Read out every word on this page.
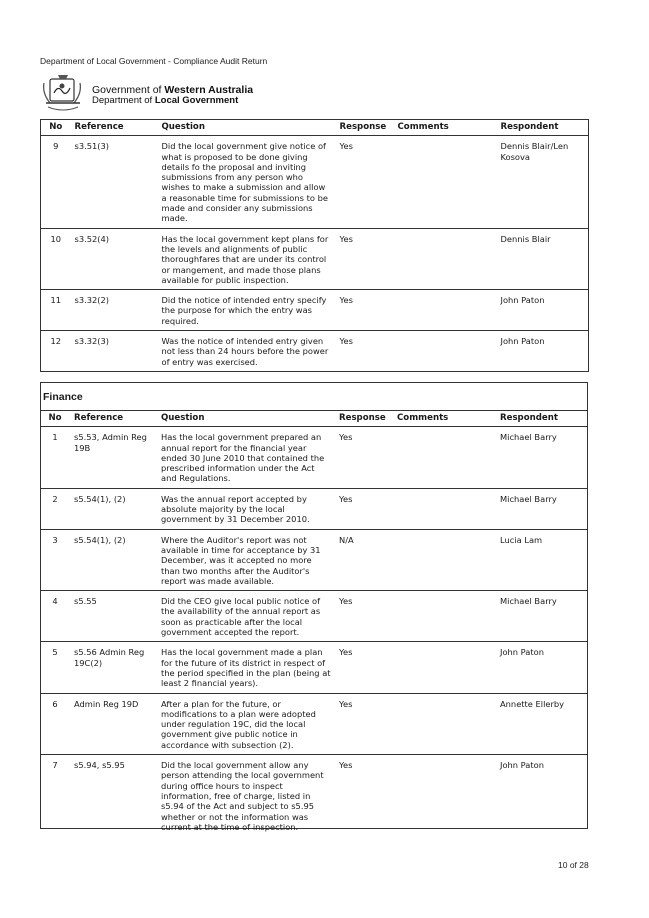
Department of Local Government - Compliance Audit Return
Government of Western Australia
Department of Local Government
No	Reference	Question	Response	Comments	Respondent
9	s3.51(3)	Did the local government give notice of what is proposed to be done giving details fo the proposal and inviting submissions from any person who wishes to make a submission and allow a reasonable time for submissions to be made and consider any submissions made.	Yes		Dennis Blair/Len Kosova
10	s3.52(4)	Has the local government kept plans for the levels and alignments of public thoroughfares that are under its control or mangement, and made those plans available for public inspection.	Yes		Dennis Blair
11	s3.32(2)	Did the notice of intended entry specify the purpose for which the entry was required.	Yes		John Paton
12	s3.32(3)	Was the notice of intended entry given not less than 24 hours before the power of entry was exercised.	Yes		John Paton
Finance
No	Reference	Question	Response	Comments	Respondent
1	s5.53, Admin Reg 19B	Has the local government prepared an annual report for the financial year ended 30 June 2010 that contained the prescribed information under the Act and Regulations.	Yes		Michael Barry
2	s5.54(1), (2)	Was the annual report accepted by absolute majority by the local government by 31 December 2010.	Yes		Michael Barry
3	s5.54(1), (2)	Where the Auditor's report was not available in time for acceptance by 31 December, was it accepted no more than two months after the Auditor's report was made available.	N/A		Lucia Lam
4	s5.55	Did the CEO give local public notice of the availability of the annual report as soon as practicable after the local government accepted the report.	Yes		Michael Barry
5	s5.56 Admin Reg 19C(2)	Has the local government made a plan for the future of its district in respect of the period specified in the plan (being at least 2 financial years).	Yes		John Paton
6	Admin Reg 19D	After a plan for the future, or modifications to a plan were adopted under regulation 19C, did the local government give public notice in accordance with subsection (2).	Yes		Annette Ellerby
7	s5.94, s5.95	Did the local government allow any person attending the local government during office hours to inspect information, free of charge, listed in s5.94 of the Act and subject to s5.95 whether or not the information was current at the time of inspection.	Yes		John Paton
10 of 28
